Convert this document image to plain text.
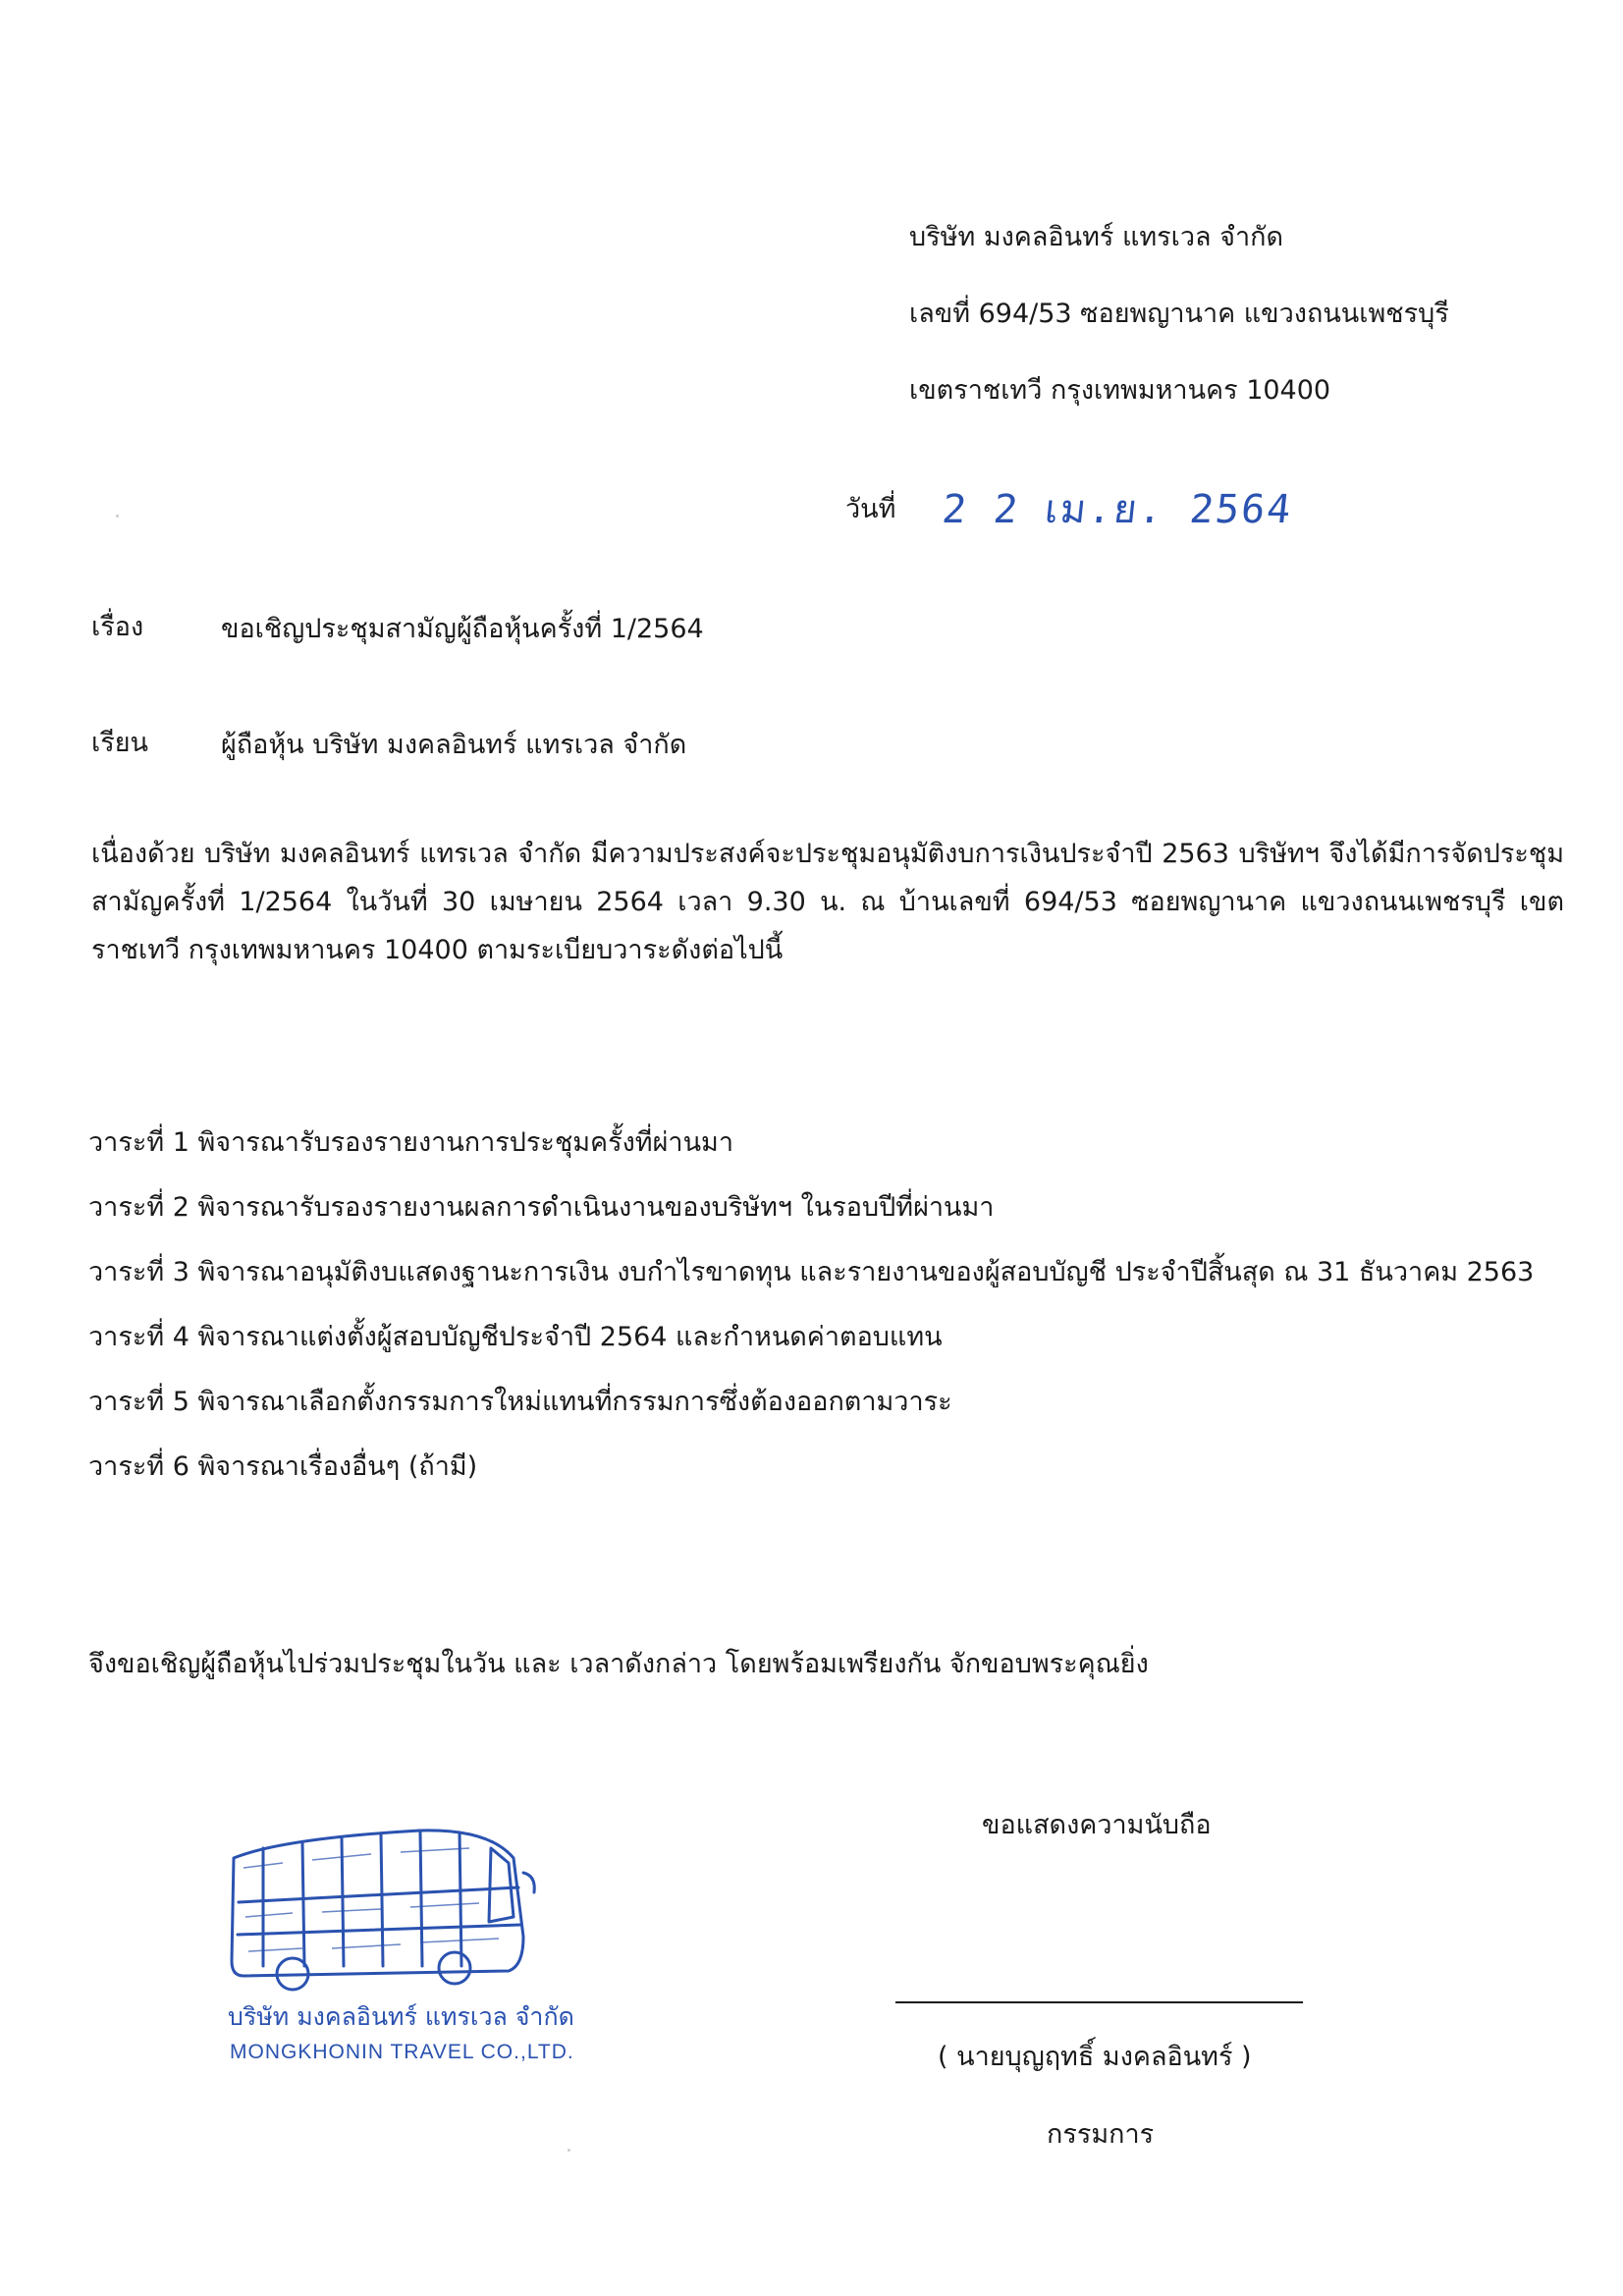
บริษัท มงคลอินทร์ แทรเวล จำกัด
เลขที่ 694/53 ซอยพญานาค แขวงถนนเพชรบุรี
เขตราชเทวี กรุงเทพมหานคร 10400
วันที่ 2 2 เม.ย. 2564
เรื่อง	ขอเชิญประชุมสามัญผู้ถือหุ้นครั้งที่ 1/2564
เรียน	ผู้ถือหุ้น บริษัท มงคลอินทร์ แทรเวล จำกัด
เนื่องด้วย บริษัท มงคลอินทร์ แทรเวล จำกัด มีความประสงค์จะประชุมอนุมัติงบการเงินประจำปี 2563 บริษัทฯ จึงได้มีการจัดประชุมสามัญครั้งที่ 1/2564 ในวันที่ 30 เมษายน 2564 เวลา 9.30 น. ณ บ้านเลขที่ 694/53 ซอยพญานาค แขวงถนนเพชรบุรี เขตราชเทวี กรุงเทพมหานคร 10400 ตามระเบียบวาระดังต่อไปนี้
วาระที่ 1 พิจารณารับรองรายงานการประชุมครั้งที่ผ่านมา
วาระที่ 2 พิจารณารับรองรายงานผลการดำเนินงานของบริษัทฯ ในรอบปีที่ผ่านมา
วาระที่ 3 พิจารณาอนุมัติงบแสดงฐานะการเงิน งบกำไรขาดทุน และรายงานของผู้สอบบัญชี ประจำปีสิ้นสุด ณ 31 ธันวาคม 2563
วาระที่ 4 พิจารณาแต่งตั้งผู้สอบบัญชีประจำปี 2564 และกำหนดค่าตอบแทน
วาระที่ 5 พิจารณาเลือกตั้งกรรมการใหม่แทนที่กรรมการซึ่งต้องออกตามวาระ
วาระที่ 6 พิจารณาเรื่องอื่นๆ (ถ้ามี)
จึงขอเชิญผู้ถือหุ้นไปร่วมประชุมในวัน และ เวลาดังกล่าว โดยพร้อมเพรียงกัน จักขอบพระคุณยิ่ง
ขอแสดงความนับถือ
( นายบุญฤทธิ์ มงคลอินทร์ )
กรรมการ
บริษัท มงคลอินทร์ แทรเวล จำกัด
MONGKHONIN TRAVEL CO.,LTD.
